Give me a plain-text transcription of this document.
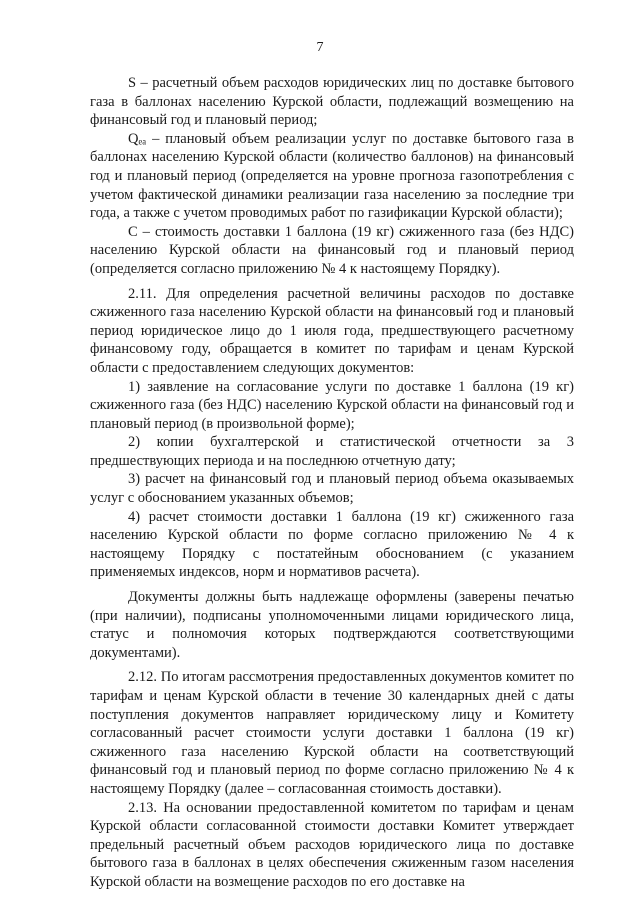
7

S – расчетный объем расходов юридических лиц по доставке бытового газа в баллонах населению Курской области, подлежащий возмещению на финансовый год и плановый период;

Qₑₐ – плановый объем реализации услуг по доставке бытового газа в баллонах населению Курской области (количество баллонов) на финансовый год и плановый период (определяется на уровне прогноза газопотребления с учетом фактической динамики реализации газа населению за последние три года, а также с учетом проводимых работ по газификации Курской области);

С – стоимость доставки 1 баллона (19 кг) сжиженного газа (без НДС) населению Курской области на финансовый год и плановый период (определяется согласно приложению № 4 к настоящему Порядку).

2.11. Для определения расчетной величины расходов по доставке сжиженного газа населению Курской области на финансовый год и плановый период юридическое лицо до 1 июля года, предшествующего расчетному финансовому году, обращается в комитет по тарифам и ценам Курской области с предоставлением следующих документов:

1) заявление на согласование услуги по доставке 1 баллона (19 кг) сжиженного газа (без НДС) населению Курской области на финансовый год и плановый период (в произвольной форме);

2) копии бухгалтерской и статистической отчетности за 3 предшествующих периода и на последнюю отчетную дату;

3) расчет на финансовый год и плановый период объема оказываемых услуг с обоснованием указанных объемов;

4) расчет стоимости доставки 1 баллона (19 кг) сжиженного газа населению Курской области по форме согласно приложению № 4 к настоящему Порядку с постатейным обоснованием (с указанием применяемых индексов, норм и нормативов расчета).

Документы должны быть надлежаще оформлены (заверены печатью (при наличии), подписаны уполномоченными лицами юридического лица, статус и полномочия которых подтверждаются соответствующими документами).

2.12. По итогам рассмотрения предоставленных документов комитет по тарифам и ценам Курской области в течение 30 календарных дней с даты поступления документов направляет юридическому лицу и Комитету согласованный расчет стоимости услуги доставки 1 баллона (19 кг) сжиженного газа населению Курской области на соответствующий финансовый год и плановый период по форме согласно приложению № 4 к настоящему Порядку (далее – согласованная стоимость доставки).

2.13. На основании предоставленной комитетом по тарифам и ценам Курской области согласованной стоимости доставки Комитет утверждает предельный расчетный объем расходов юридического лица по доставке бытового газа в баллонах в целях обеспечения сжиженным газом населения Курской области на возмещение расходов по его доставке на
